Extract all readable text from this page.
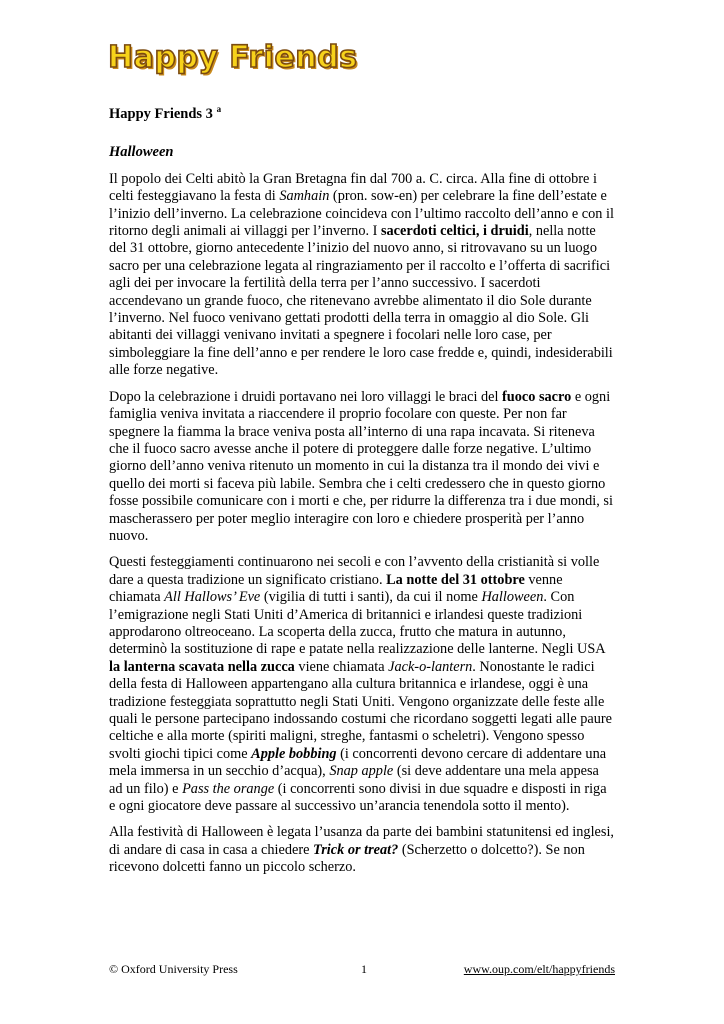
Happy Friends
Happy Friends 3 $^a$
Halloween

Il popolo dei Celti abitò la Gran Bretagna fin dal 700 a. C. circa. Alla fine di ottobre i celti festeggiavano la festa di Samhain (pron. sow-en) per celebrare la fine dell’estate e l’inizio dell’inverno. La celebrazione coincideva con l’ultimo raccolto dell’anno e con il ritorno degli animali ai villaggi per l’inverno. I sacerdoti celtici, i druidi, nella notte del 31 ottobre, giorno antecedente l’inizio del nuovo anno, si ritrovavano su un luogo sacro per una celebrazione legata al ringraziamento per il raccolto e l’offerta di sacrifici agli dei per invocare la fertilità della terra per l’anno successivo. I sacerdoti accendevano un grande fuoco, che ritenevano avrebbe alimentato il dio Sole durante l’inverno. Nel fuoco venivano gettati prodotti della terra in omaggio al dio Sole. Gli abitanti dei villaggi venivano invitati a spegnere i focolari nelle loro case, per simboleggiare la fine dell’anno e per rendere le loro case fredde e, quindi, indesiderabili alle forze negative.

Dopo la celebrazione i druidi portavano nei loro villaggi le braci del fuoco sacro e ogni famiglia veniva invitata a riaccendere il proprio focolare con queste. Per non far spegnere la fiamma la brace veniva posta all’interno di una rapa incavata. Si riteneva che il fuoco sacro avesse anche il potere di proteggere dalle forze negative. L’ultimo giorno dell’anno veniva ritenuto un momento in cui la distanza tra il mondo dei vivi e quello dei morti si faceva più labile. Sembra che i celti credessero che in questo giorno fosse possibile comunicare con i morti e che, per ridurre la differenza tra i due mondi, si mascherassero per poter meglio interagire con loro e chiedere prosperità per l’anno nuovo.

Questi festeggiamenti continuarono nei secoli e con l’avvento della cristianità si volle dare a questa tradizione un significato cristiano. La notte del 31 ottobre venne chiamata All Hallows’ Eve (vigilia di tutti i santi), da cui il nome Halloween. Con l’emigrazione negli Stati Uniti d’America di britannici e irlandesi queste tradizioni approdarono oltreoceano. La scoperta della zucca, frutto che matura in autunno, determinò la sostituzione di rape e patate nella realizzazione delle lanterne. Negli USA la lanterna scavata nella zucca viene chiamata Jack-o-lantern. Nonostante le radici della festa di Halloween appartengano alla cultura britannica e irlandese, oggi è una tradizione festeggiata soprattutto negli Stati Uniti. Vengono organizzate delle feste alle quali le persone partecipano indossando costumi che ricordano soggetti legati alle paure celtiche e alla morte (spiriti maligni, streghe, fantasmi o scheletri). Vengono spesso svolti giochi tipici come Apple bobbing (i concorrenti devono cercare di addentare una mela immersa in un secchio d’acqua), Snap apple (si deve addentare una mela appesa ad un filo) e Pass the orange (i concorrenti sono divisi in due squadre e disposti in riga e ogni giocatore deve passare al successivo un’arancia tenendola sotto il mento).

Alla festività di Halloween è legata l’usanza da parte dei bambini statunitensi ed inglesi, di andare di casa in casa a chiedere Trick or treat? (Scherzetto o dolcetto?). Se non ricevono dolcetti fanno un piccolo scherzo.

© Oxford University Press	1	www.oup.com/elt/happyfriends
